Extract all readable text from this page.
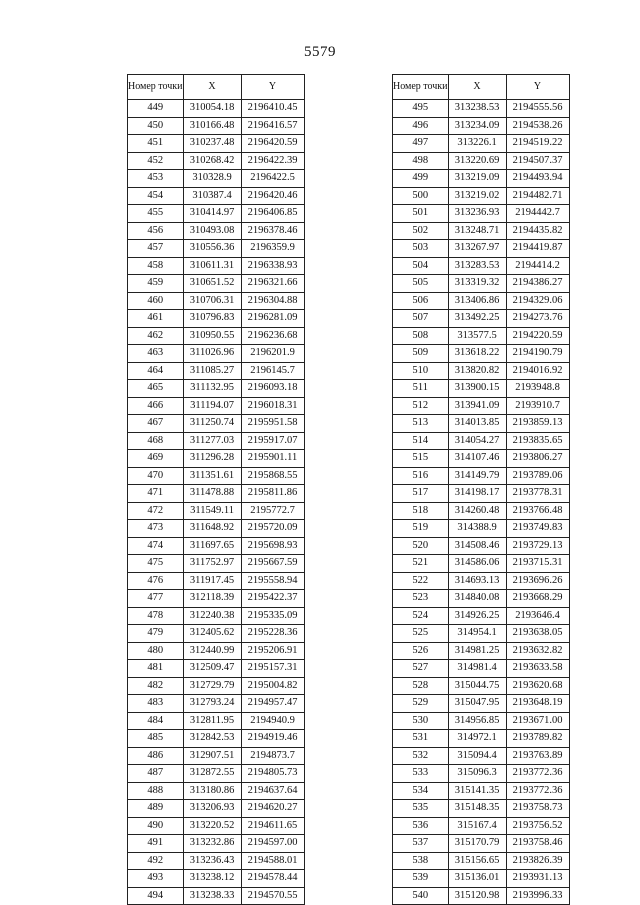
5579
Номер точки	X	Y
449	310054.18	2196410.45
450	310166.48	2196416.57
451	310237.48	2196420.59
452	310268.42	2196422.39
453	310328.9	2196422.5
454	310387.4	2196420.46
455	310414.97	2196406.85
456	310493.08	2196378.46
457	310556.36	2196359.9
458	310611.31	2196338.93
459	310651.52	2196321.66
460	310706.31	2196304.88
461	310796.83	2196281.09
462	310950.55	2196236.68
463	311026.96	2196201.9
464	311085.27	2196145.7
465	311132.95	2196093.18
466	311194.07	2196018.31
467	311250.74	2195951.58
468	311277.03	2195917.07
469	311296.28	2195901.11
470	311351.61	2195868.55
471	311478.88	2195811.86
472	311549.11	2195772.7
473	311648.92	2195720.09
474	311697.65	2195698.93
475	311752.97	2195667.59
476	311917.45	2195558.94
477	312118.39	2195422.37
478	312240.38	2195335.09
479	312405.62	2195228.36
480	312440.99	2195206.91
481	312509.47	2195157.31
482	312729.79	2195004.82
483	312793.24	2194957.47
484	312811.95	2194940.9
485	312842.53	2194919.46
486	312907.51	2194873.7
487	312872.55	2194805.73
488	313180.86	2194637.64
489	313206.93	2194620.27
490	313220.52	2194611.65
491	313232.86	2194597.00
492	313236.43	2194588.01
493	313238.12	2194578.44
494	313238.33	2194570.55
Номер точки	X	Y
495	313238.53	2194555.56
496	313234.09	2194538.26
497	313226.1	2194519.22
498	313220.69	2194507.37
499	313219.09	2194493.94
500	313219.02	2194482.71
501	313236.93	2194442.7
502	313248.71	2194435.82
503	313267.97	2194419.87
504	313283.53	2194414.2
505	313319.32	2194386.27
506	313406.86	2194329.06
507	313492.25	2194273.76
508	313577.5	2194220.59
509	313618.22	2194190.79
510	313820.82	2194016.92
511	313900.15	2193948.8
512	313941.09	2193910.7
513	314013.85	2193859.13
514	314054.27	2193835.65
515	314107.46	2193806.27
516	314149.79	2193789.06
517	314198.17	2193778.31
518	314260.48	2193766.48
519	314388.9	2193749.83
520	314508.46	2193729.13
521	314586.06	2193715.31
522	314693.13	2193696.26
523	314840.08	2193668.29
524	314926.25	2193646.4
525	314954.1	2193638.05
526	314981.25	2193632.82
527	314981.4	2193633.58
528	315044.75	2193620.68
529	315047.95	2193648.19
530	314956.85	2193671.00
531	314972.1	2193789.82
532	315094.4	2193763.89
533	315096.3	2193772.36
534	315141.35	2193772.36
535	315148.35	2193758.73
536	315167.4	2193756.52
537	315170.79	2193758.46
538	315156.65	2193826.39
539	315136.01	2193931.13
540	315120.98	2193996.33
